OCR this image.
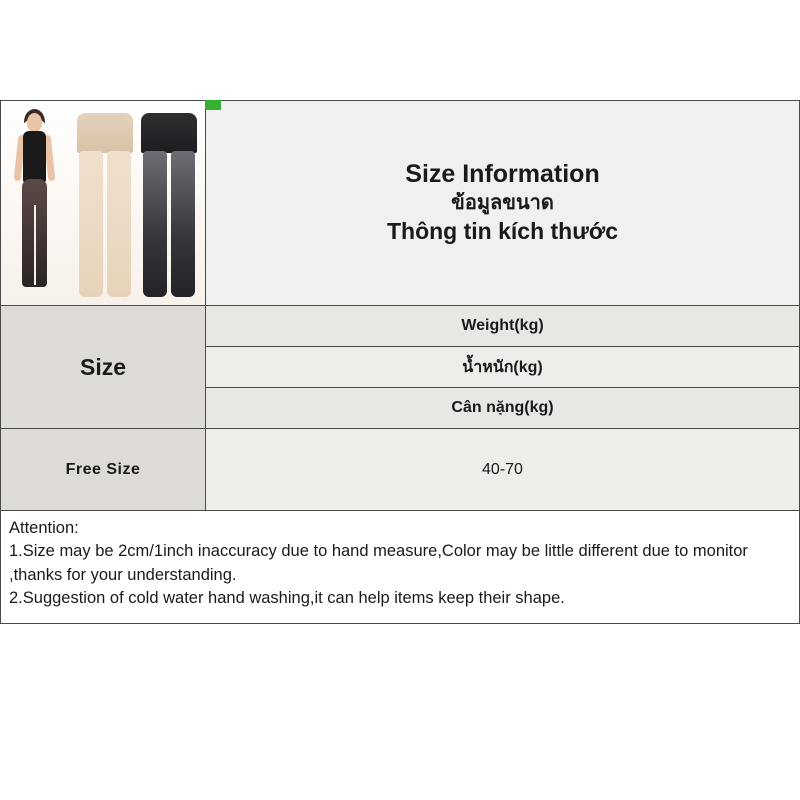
Size Information
ข้อมูลขนาด
Thông tin kích thước
Size
Weight(kg)
น้ำหนัก(kg)
Cân nặng(kg)
Free Size	40-70

Attention:

1.Size may be 2cm/1inch inaccuracy due to hand measure,Color may be little different due to monitor ,thanks for your understanding.

2.Suggestion of cold water hand washing,it can help items keep their shape.
